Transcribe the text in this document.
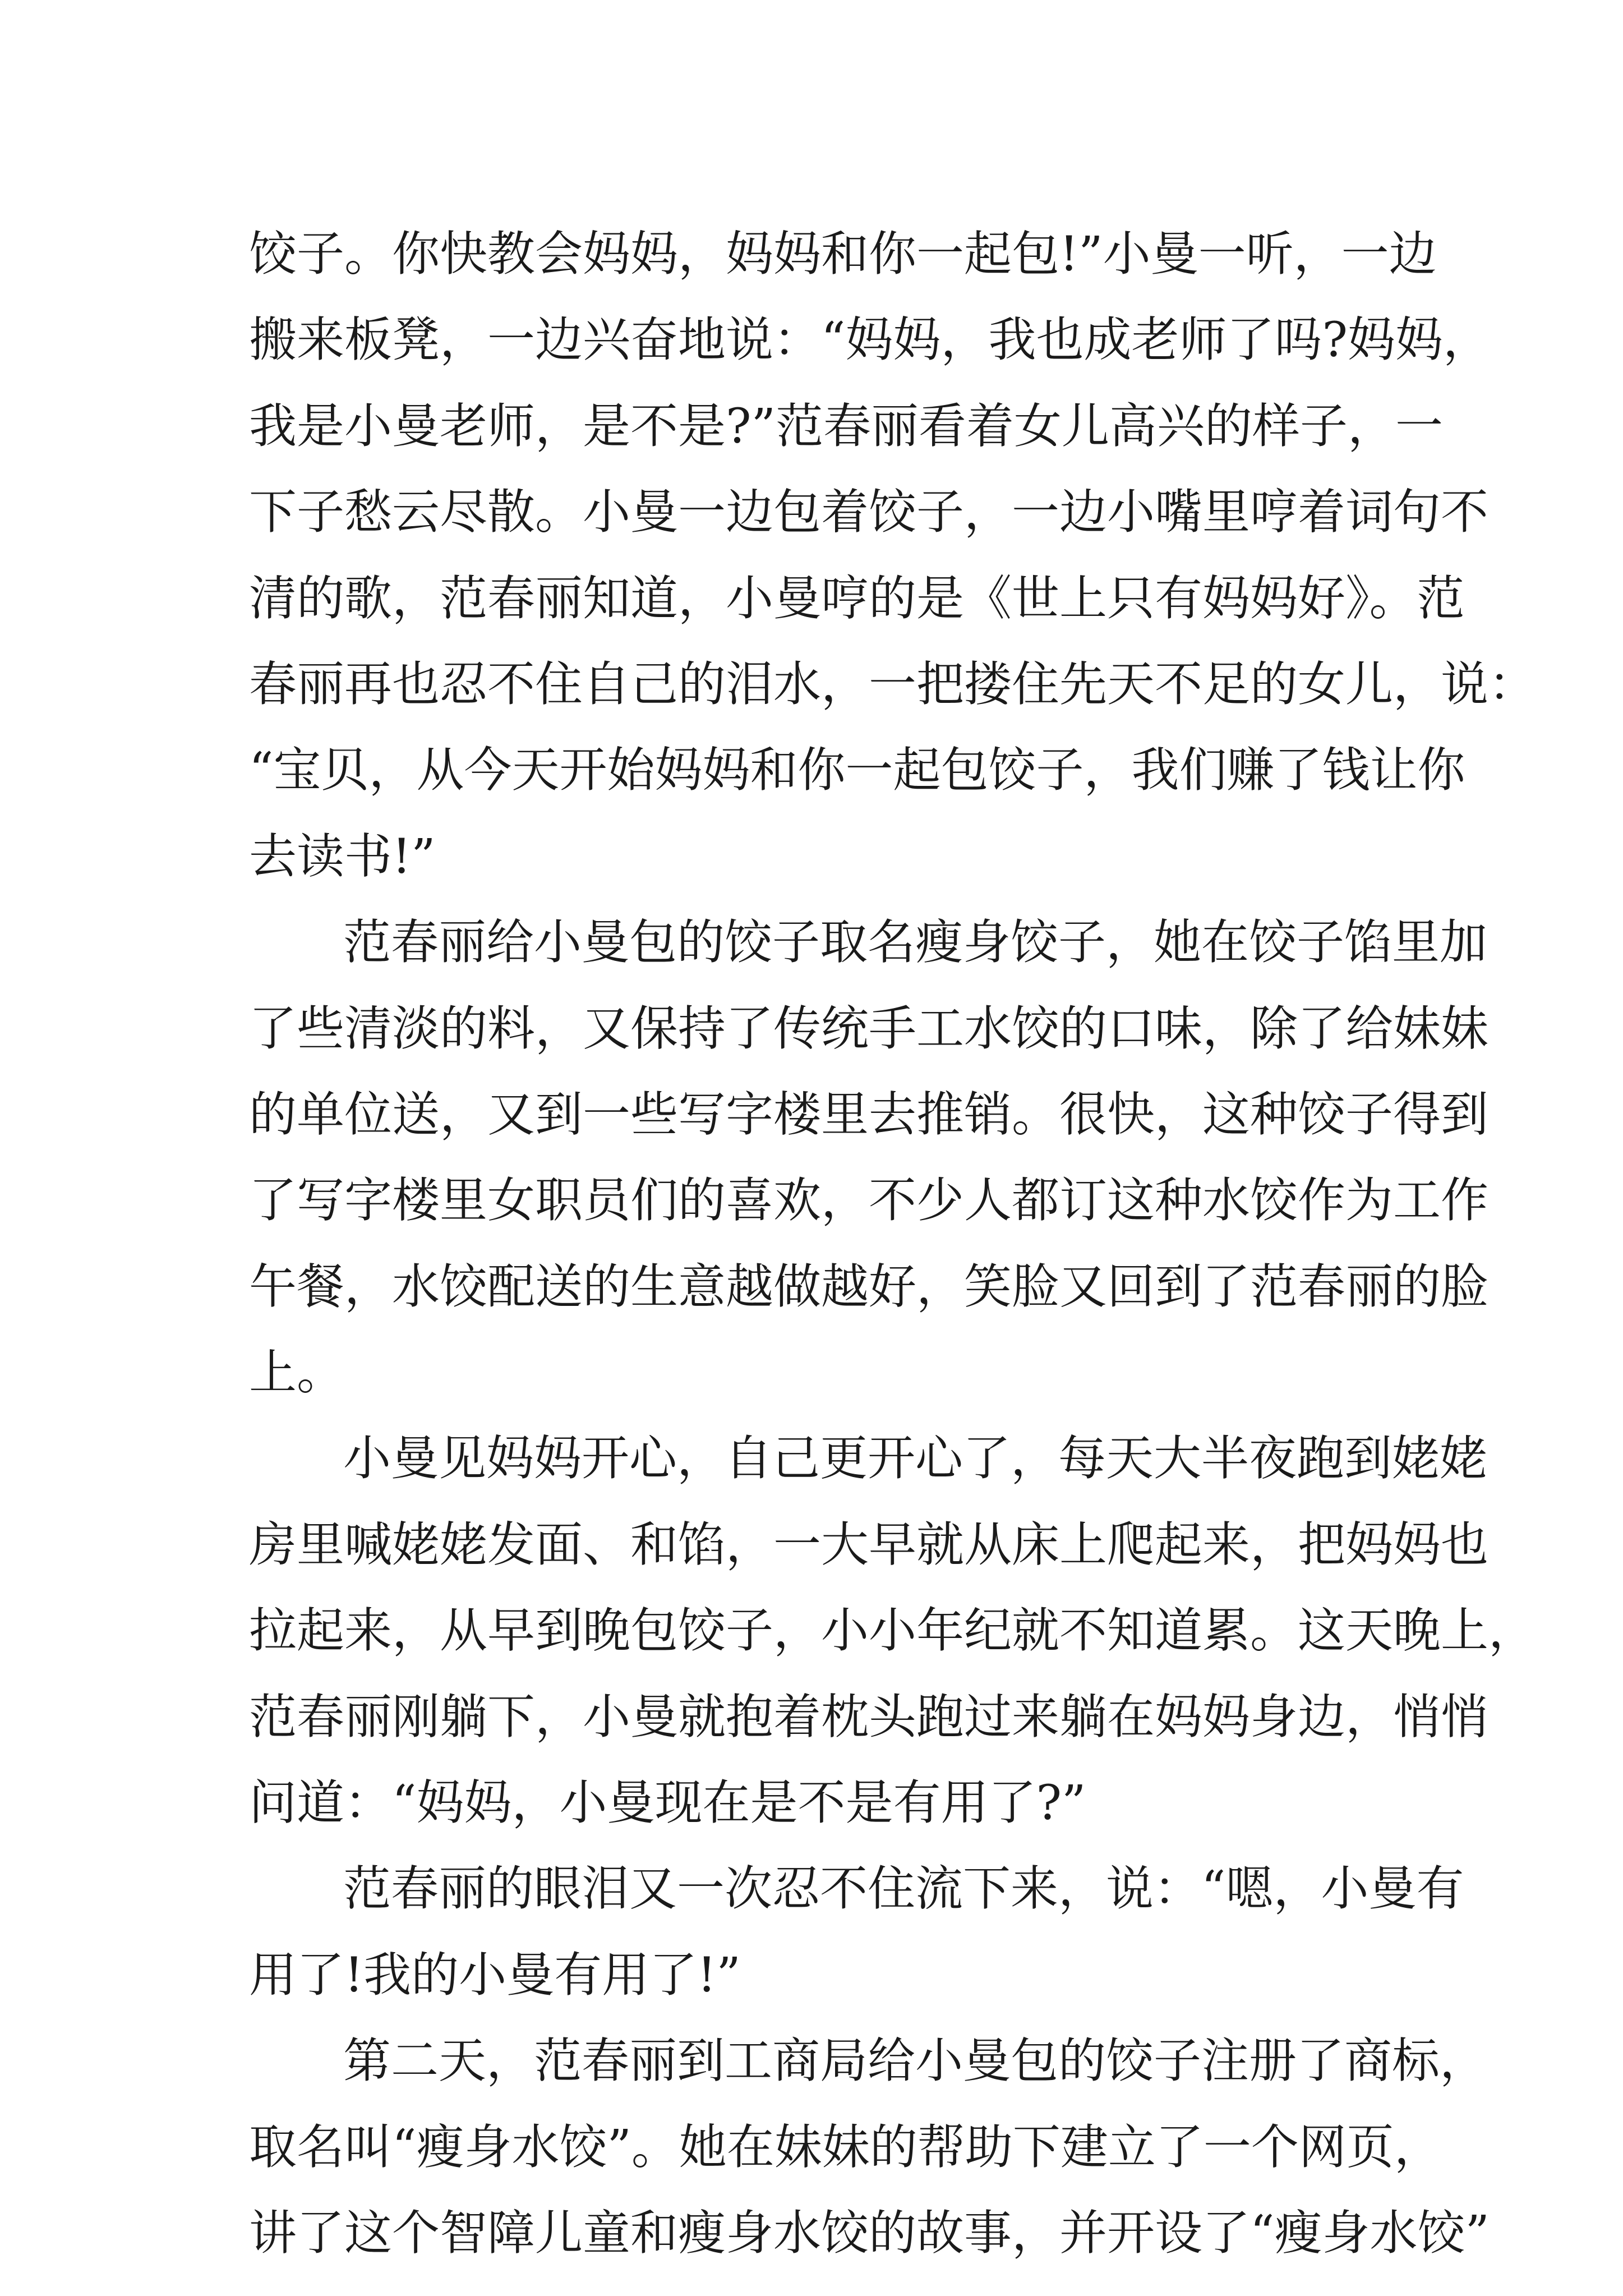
饺子。你快教会妈妈，妈妈和你一起包!”小曼一听，一边
搬来板凳，一边兴奋地说：“妈妈，我也成老师了吗?妈妈，
我是小曼老师，是不是?”范春丽看着女儿高兴的样子，一
下子愁云尽散。小曼一边包着饺子，一边小嘴里哼着词句不
清的歌，范春丽知道，小曼哼的是《世上只有妈妈好》。范
春丽再也忍不住自己的泪水，一把搂住先天不足的女儿，说：
“宝贝，从今天开始妈妈和你一起包饺子，我们赚了钱让你
去读书!”
范春丽给小曼包的饺子取名瘦身饺子，她在饺子馅里加
了些清淡的料，又保持了传统手工水饺的口味，除了给妹妹
的单位送，又到一些写字楼里去推销。很快，这种饺子得到
了写字楼里女职员们的喜欢，不少人都订这种水饺作为工作
午餐，水饺配送的生意越做越好，笑脸又回到了范春丽的脸
上。
小曼见妈妈开心，自己更开心了，每天大半夜跑到姥姥
房里喊姥姥发面、和馅，一大早就从床上爬起来，把妈妈也
拉起来，从早到晚包饺子，小小年纪就不知道累。这天晚上，
范春丽刚躺下，小曼就抱着枕头跑过来躺在妈妈身边，悄悄
问道：“妈妈，小曼现在是不是有用了?”
范春丽的眼泪又一次忍不住流下来，说：“嗯，小曼有
用了!我的小曼有用了!”
第二天，范春丽到工商局给小曼包的饺子注册了商标，
取名叫“瘦身水饺”。她在妹妹的帮助下建立了一个网页，
讲了这个智障儿童和瘦身水饺的故事，并开设了“瘦身水饺”
